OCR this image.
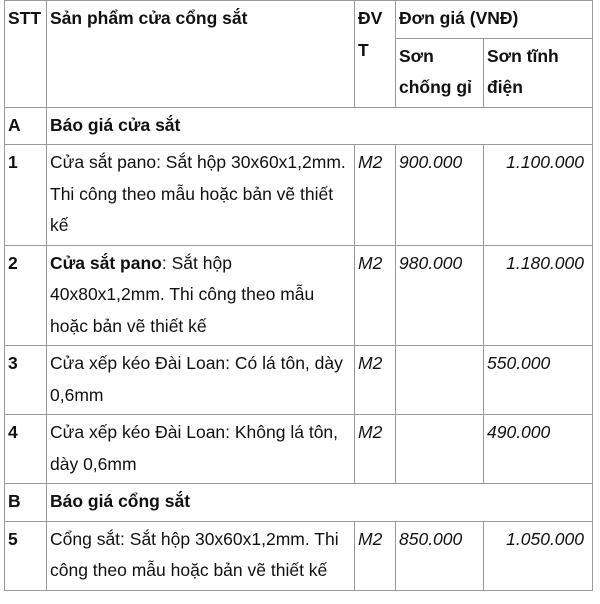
STT	Sản phẩm cửa cổng sắt	ĐVT	Đơn giá (VNĐ)	
			Sơn chống gỉ	Sơn tĩnh điện
A	Báo giá cửa sắt			
1	Cửa sắt pano: Sắt hộp 30x60x1,2mm. Thi công theo mẫu hoặc bản vẽ thiết kế	M2	900.000	1.100.000
2	Cửa sắt pano: Sắt hộp 40x80x1,2mm. Thi công theo mẫu hoặc bản vẽ thiết kế	M2	980.000	1.180.000
3	Cửa xếp kéo Đài Loan: Có lá tôn, dày 0,6mm	M2		550.000
4	Cửa xếp kéo Đài Loan: Không lá tôn, dày 0,6mm	M2		490.000
B	Báo giá cổng sắt			
5	Cổng sắt: Sắt hộp 30x60x1,2mm. Thi công theo mẫu hoặc bản vẽ thiết kế	M2	850.000	1.050.000
